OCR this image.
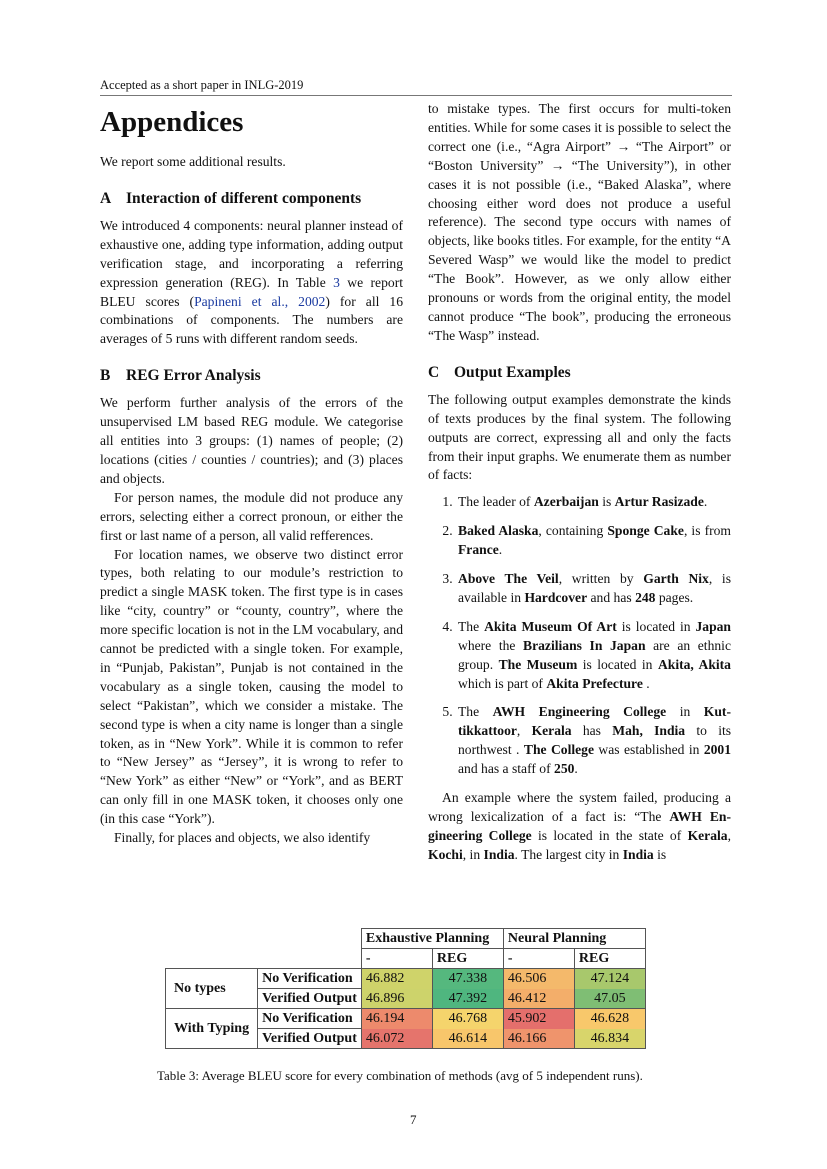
Accepted as a short paper in INLG-2019
Appendices

We report some additional results.

A Interaction of different components

We introduced 4 components: neural planner instead of exhaustive one, adding type information, adding output verification stage, and incorporating a referring expression generation (REG). In Table 3 we report BLEU scores (Papineni et al., 2002) for all 16 combinations of components. The numbers are averages of 5 runs with different random seeds.

B REG Error Analysis

We perform further analysis of the errors of the unsupervised LM based REG module. We categorise all entities into 3 groups: (1) names of people; (2) locations (cities / counties / countries); and (3) places and objects.

For person names, the module did not produce any errors, selecting either a correct pronoun, or either the first or last name of a person, all valid refferences.

For location names, we observe two distinct error types, both relating to our module’s restriction to predict a single MASK token. The first type is in cases like “city, country” or “county, country”, where the more specific location is not in the LM vocabulary, and cannot be predicted with a single token. For example, in “Punjab, Pakistan”, Punjab is not contained in the vocabulary as a single token, causing the model to select “Pakistan”, which we consider a mistake. The second type is when a city name is longer than a single token, as in “New York”. While it is common to refer to “New Jersey” as “Jersey”, it is wrong to refer to “New York” as either “New” or “York”, and as BERT can only fill in one MASK token, it chooses only one (in this case “York”).

Finally, for places and objects, we also identify

to mistake types. The first occurs for multi-token entities. While for some cases it is possible to select the correct one (i.e., “Agra Airport” → “The Airport” or “Boston University” → “The University”), in other cases it is not possible (i.e., “Baked Alaska”, where choosing either word does not produce a useful reference). The second type occurs with names of objects, like books titles. For example, for the entity “A Severed Wasp” we would like the model to predict “The Book”. However, as we only allow either pronouns or words from the original entity, the model cannot produce “The book”, producing the erroneous “The Wasp” instead.

C Output Examples

The following output examples demonstrate the kinds of texts produces by the final system. The following outputs are correct, expressing all and only the facts from their input graphs. We enumerate them as number of facts:

1. The leader of Azerbaijan is Artur Rasizade.
2. Baked Alaska, containing Sponge Cake, is from France.
3. Above The Veil, written by Garth Nix, is available in Hardcover and has 248 pages.
4. The Akita Museum Of Art is located in Japan where the Brazilians In Japan are an ethnic group. The Museum is located in Akita, Akita which is part of Akita Prefecture .
5. The AWH Engineering College in Kuttikkattoor, Kerala has Mah, India to its northwest . The College was established in 2001 and has a staff of 250.

An example where the system failed, producing a wrong lexicalization of a fact is: “The AWH Engineering College is located in the state of Kerala, Kochi, in India. The largest city in India is

		Exhaustive Planning		Neural Planning	
		-	REG	-	REG
No types	No Verification	46.882	47.338	46.506	47.124
	Verified Output	46.896	47.392	46.412	47.05
With Typing	No Verification	46.194	46.768	45.902	46.628
	Verified Output	46.072	46.614	46.166	46.834
Table 3: Average BLEU score for every combination of methods (avg of 5 independent runs).
7
